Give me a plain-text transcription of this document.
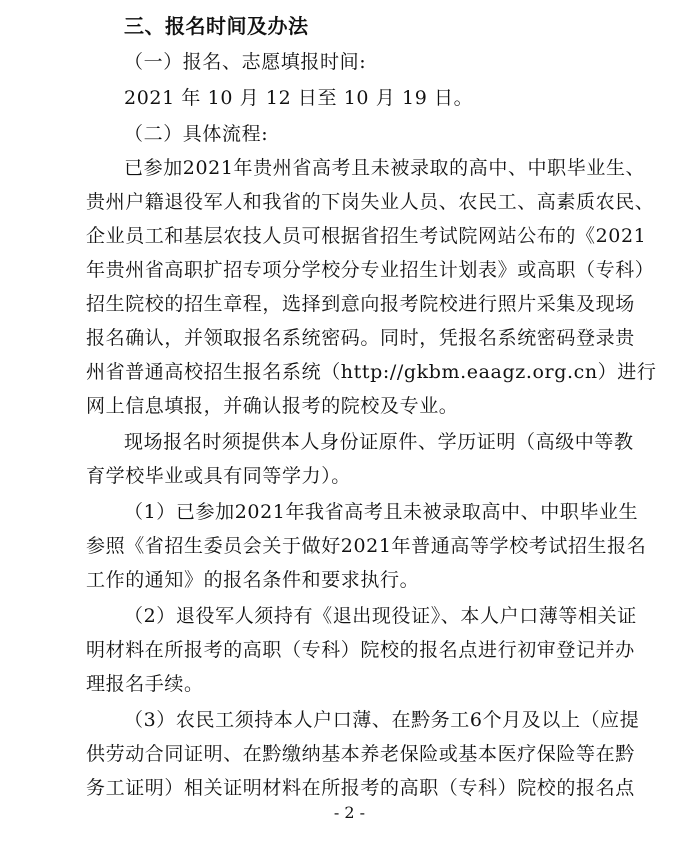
三、报名时间及办法
（一）报名、志愿填报时间:
2021 年 10 月 12 日至 10 月 19 日。
（二）具体流程:
已参加2021年贵州省高考且未被录取的高中、中职毕业生、
贵州户籍退役军人和我省的下岗失业人员、农民工、高素质农民、
企业员工和基层农技人员可根据省招生考试院网站公布的《2021
年贵州省高职扩招专项分学校分专业招生计划表》或高职（专科）
招生院校的招生章程，选择到意向报考院校进行照片采集及现场
报名确认，并领取报名系统密码。同时，凭报名系统密码登录贵
州省普通高校招生报名系统（http://gkbm.eaagz.org.cn）进行
网上信息填报，并确认报考的院校及专业。
现场报名时须提供本人身份证原件、学历证明（高级中等教
育学校毕业或具有同等学力）。
（1）已参加2021年我省高考且未被录取高中、中职毕业生
参照《省招生委员会关于做好2021年普通高等学校考试招生报名
工作的通知》的报名条件和要求执行。
（2）退役军人须持有《退出现役证》、本人户口薄等相关证
明材料在所报考的高职（专科）院校的报名点进行初审登记并办
理报名手续。
（3）农民工须持本人户口薄、在黔务工6个月及以上（应提
供劳动合同证明、在黔缴纳基本养老保险或基本医疗保险等在黔
务工证明）相关证明材料在所报考的高职（专科）院校的报名点
- 2 -
